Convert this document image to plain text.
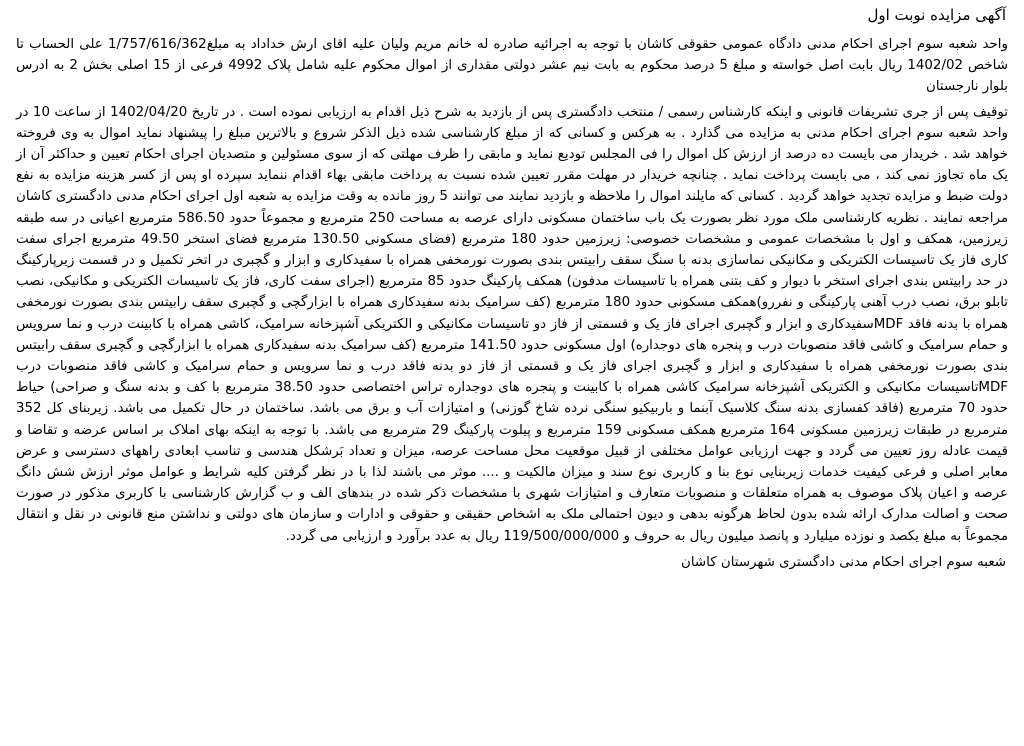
آگهی مزایده نوبت اول

واحد شعبه سوم اجرای احکام مدنی دادگاه عمومی حقوقی کاشان با توجه به اجرائیه صادره له خانم مریم ولیان علیه اقای ارش خداداد به مبلغ1/757/616/362 علی الحساب تا شاخص 1402/02 ریال بابت اصل خواسته و مبلغ 5 درصد محکوم به بابت نیم عشر دولتی مقداری از اموال محکوم علیه شامل پلاک 4992 فرعی از 15 اصلی بخش 2 به ادرس بلوار نارجستان

توقیف پس از جری تشریفات قانونی و اینکه کارشناس رسمی / منتخب دادگستری پس از بازدید به شرح ذیل اقدام به ارزیابی نموده است . در تاریخ 1402/04/20 از ساعت 10 در واحد شعبه سوم اجرای احکام مدنی به مزایده می گذارد . به هرکس و کسانی که از مبلغ کارشناسی شده ذیل الذکر شروع و بالاترین مبلغ را پیشنهاد نماید اموال به وی فروخته خواهد شد . خریدار می بایست ده درصد از ارزش کل اموال را فی المجلس تودیع نماید و مابقی را ظرف مهلتی که از سوی مسئولین و متصدیان اجرای احکام تعیین و حداکثر آن از یک ماه تجاوز نمی کند ، می بایست پرداخت نماید . چنانچه خریدار در مهلت مقرر تعیین شده نسبت به پرداخت مابقی بهاء اقدام ننماید سپرده او پس از کسر هزینه مزایده به نفع دولت ضبط و مزایده تجدید خواهد گردید . کسانی که مایلند اموال را ملاحظه و بازدید نمایند می توانند 5 روز مانده به وقت مزایده به شعبه اول اجرای احکام مدنی دادگستری کاشان مراجعه نمایند . نظریه کارشناسی ملک مورد نظر بصورت یک باب ساختمان مسکونی دارای عرصه به مساحت 250 مترمربع و مجموعاً حدود 586.50 مترمربع اعیانی در سه طبقه زیرزمین، همکف و اول با مشخصات عمومی و مشخصات خصوصی: زیرزمین حدود 180 مترمربع (فضای مسکونی 130.50 مترمربع فضای استخر 49.50 مترمربع اجرای سفت کاری فاز یک تاسیسات الکتریکی و مکانیکی نماسازی بدنه با سنگ سقف رابیتس بندی بصورت نورمخفی همراه با سفیدکاری و ابزار و گچبری در اتخر تکمیل و در قسمت زیرپارکینگ در حد رابیتس بندی اجرای استخر با دیوار و کف بتنی همراه با تاسیسات مدفون) همکف پارکینگ حدود 85 مترمربع (اجرای سفت کاری، فاز یک تاسیسات الکتریکی و مکانیکی، نصب تابلو برق، نصب درب آهنی پارکینگی و نفررو)همکف مسکونی حدود 180 مترمربع (کف سرامیک بدنه سفیدکاری همراه با ابزارگچی و گچبری سقف رابیتس بندی بصورت نورمخفی همراه با بدنه فاقد MDFسفیدکاری و ابزار و گچبری اجرای فاز یک و قسمتی از فاز دو تاسیسات مکانیکی و الکتریکی آشپزخانه سرامیک، کاشی همراه با کابینت درب و نما سرویس و حمام سرامیک و کاشی فاقد منصوبات درب و پنجره های دوجداره) اول مسکونی حدود 141.50 مترمربع (کف سرامیک بدنه سفیدکاری همراه با ابزارگچی و گچبری سقف رابیتس بندی بصورت نورمخفی همراه با سفیدکاری و ابزار و گچبری اجرای فاز یک و قسمتی از فاز دو بدنه فاقد درب و نما سرویس و حمام سرامیک و کاشی فاقد منصوبات درب MDFتاسیسات مکانیکی و الکتریکی آشپزخانه سرامیک کاشی همراه با کابینت و پنجره های دوجداره تراس اختصاصی حدود 38.50 مترمربع با کف و بدنه سنگ و صراحی) حیاط حدود 70 مترمربع (فاقد کفسازی بدنه سنگ کلاسیک آبنما و باربیکیو سنگی نرده شاخ گوزنی) و امتیازات آب و برق می باشد. ساختمان در حال تکمیل می باشد. زیربنای کل 352 مترمربع در طبقات زیرزمین مسکونی 164 مترمربع همکف مسکونی 159 مترمربع و پیلوت پارکینگ 29 مترمربع می باشد. با توجه به اینکه بهای املاک بر اساس عرضه و تقاضا و قیمت عادله روز تعیین می گردد و جهت ارزیابی عوامل مختلفی از قبیل موقعیت محل مساحت عرصه، میزان و تعداد بَرشکل هندسی و تناسب ابعادی راههای دسترسی و عرض معابر اصلی و فرعی کیفیت خدمات زیربنایی نوع بنا و کاربری نوع سند و میزان مالکیت و .... موثر می باشند لذا با در نظر گرفتن کلیه شرایط و عوامل موثر ارزش شش دانگ عرصه و اعیان پلاک موصوف به همراه متعلقات و منصوبات متعارف و امتیازات شهری با مشخصات ذکر شده در بندهای الف و ب گزارش کارشناسی با کاربری مذکور در صورت صحت و اصالت مدارک ارائه شده بدون لحاظ هرگونه بدهی و دیون احتمالی ملک به اشخاص حقیقی و حقوقی و ادارات و سازمان های دولتی و نداشتن منع قانونی در نقل و انتقال مجموعاً به مبلغ یکصد و نوزده میلیارد و پانصد میلیون ریال به حروف و 119/500/000/000 ریال به عدد برآورد و ارزیابی می گردد.

شعبه سوم اجرای احکام مدنی دادگستری شهرستان کاشان
